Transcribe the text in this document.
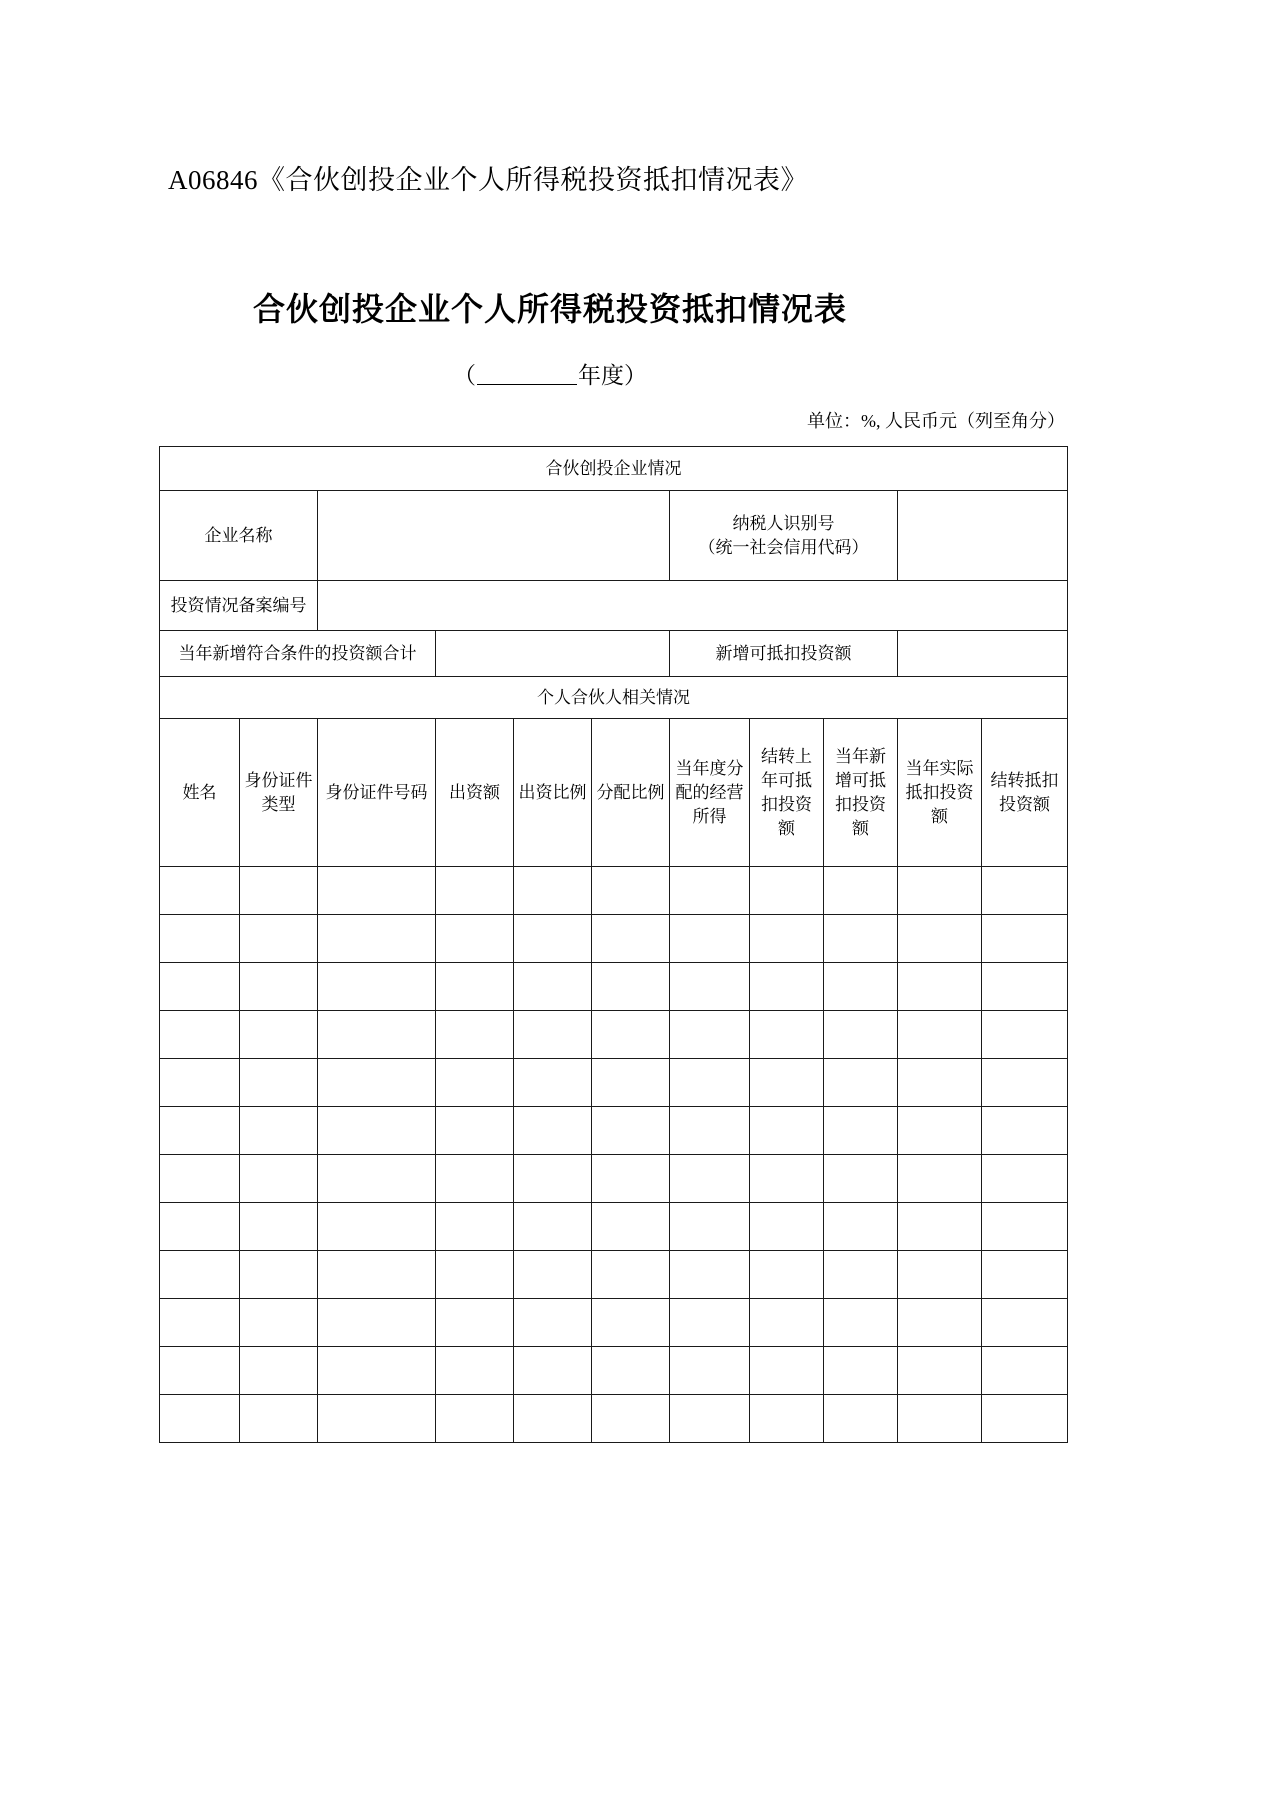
A06846《合伙创投企业个人所得税投资抵扣情况表》
合伙创投企业个人所得税投资抵扣情况表
（	年度）
单位：%, 人民币元（列至角分）
合伙创投企业情况										
企业名称						纳税人识别号
（统一社会信用代码）				

投资情况备案编号										
当年新增符合条件的投资额合计						新增可抵扣投资额				
个人合伙人相关情况										
姓名	身份证件类型	身份证件号码	出资额	出资比例	分配比例	当年度分配的经营所得	结转上年可抵扣投资额	当年新增可抵扣投资额	当年实际抵扣投资额	结转抵扣投资额
